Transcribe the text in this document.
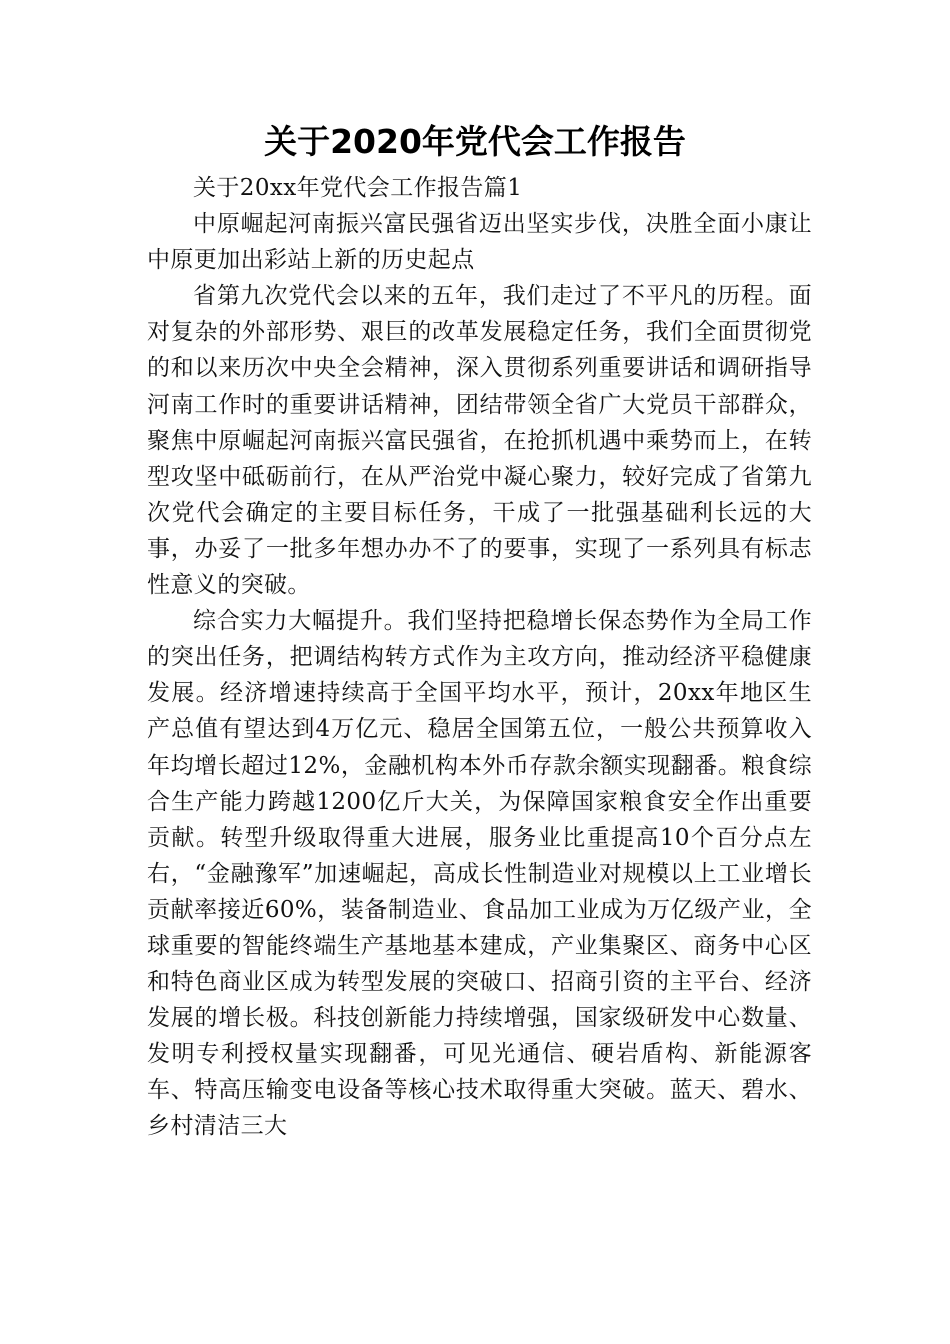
关于2020年党代会工作报告

关于20xx年党代会工作报告篇1

中原崛起河南振兴富民强省迈出坚实步伐，决胜全面小康让中原更加出彩站上新的历史起点

省第九次党代会以来的五年，我们走过了不平凡的历程。面对复杂的外部形势、艰巨的改革发展稳定任务，我们全面贯彻党的和以来历次中央全会精神，深入贯彻系列重要讲话和调研指导河南工作时的重要讲话精神，团结带领全省广大党员干部群众，聚焦中原崛起河南振兴富民强省，在抢抓机遇中乘势而上，在转型攻坚中砥砺前行，在从严治党中凝心聚力，较好完成了省第九次党代会确定的主要目标任务，干成了一批强基础利长远的大事，办妥了一批多年想办办不了的要事，实现了一系列具有标志性意义的突破。

综合实力大幅提升。我们坚持把稳增长保态势作为全局工作的突出任务，把调结构转方式作为主攻方向，推动经济平稳健康发展。经济增速持续高于全国平均水平，预计，20xx年地区生产总值有望达到4万亿元、稳居全国第五位，一般公共预算收入年均增长超过12%，金融机构本外币存款余额实现翻番。粮食综合生产能力跨越1200亿斤大关，为保障国家粮食安全作出重要贡献。转型升级取得重大进展，服务业比重提高10个百分点左右，“金融豫军”加速崛起，高成长性制造业对规模以上工业增长贡献率接近60%，装备制造业、食品加工业成为万亿级产业，全球重要的智能终端生产基地基本建成，产业集聚区、商务中心区和特色商业区成为转型发展的突破口、招商引资的主平台、经济发展的增长极。科技创新能力持续增强，国家级研发中心数量、发明专利授权量实现翻番，可见光通信、硬岩盾构、新能源客车、特高压输变电设备等核心技术取得重大突破。蓝天、碧水、乡村清洁三大
